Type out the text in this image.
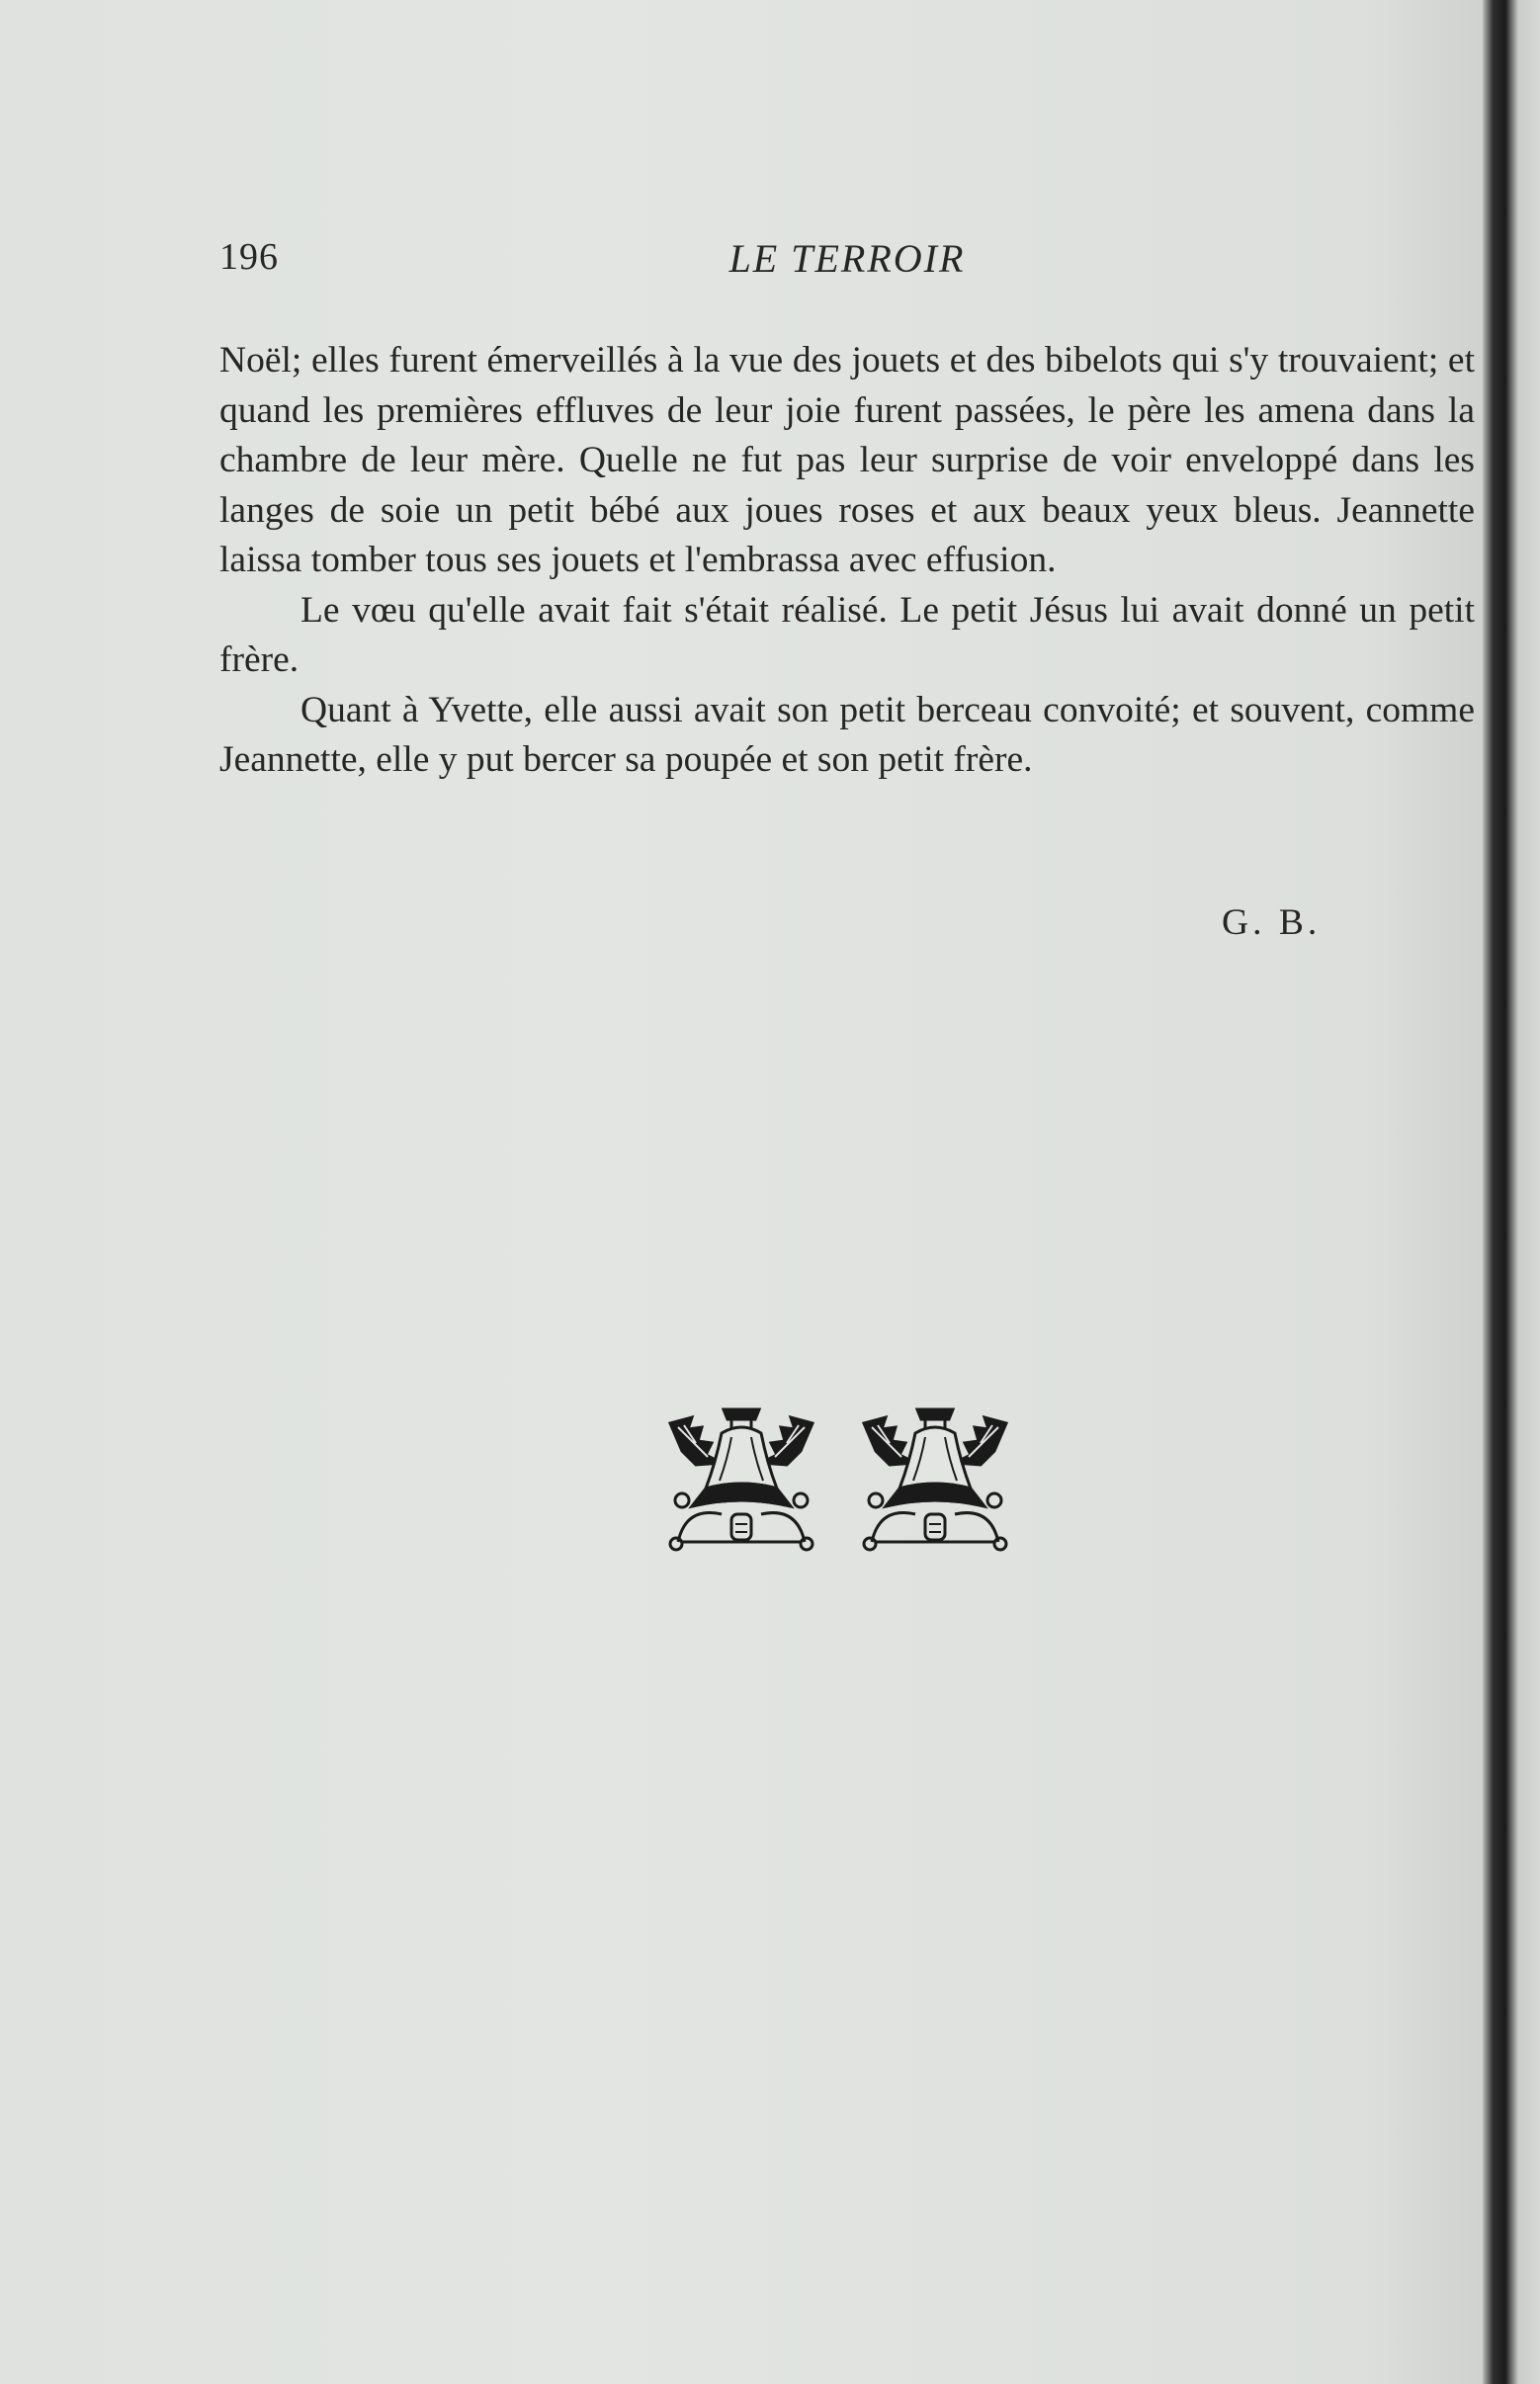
196	LE TERROIR

Noël; elles furent émerveillés à la vue des jouets et des bibelots qui s'y trouvaient; et quand les premières effluves de leur joie furent passées, le père les amena dans la chambre de leur mère. Quelle ne fut pas leur surprise de voir enveloppé dans les langes de soie un petit bébé aux joues roses et aux beaux yeux bleus. Jeannette laissa tomber tous ses jouets et l'embrassa avec effusion.

Le vœu qu'elle avait fait s'était réalisé. Le petit Jésus lui avait donné un petit frère.

Quant à Yvette, elle aussi avait son petit berceau convoité; et souvent, comme Jeannette, elle y put bercer sa poupée et son petit frère.

G. B.
